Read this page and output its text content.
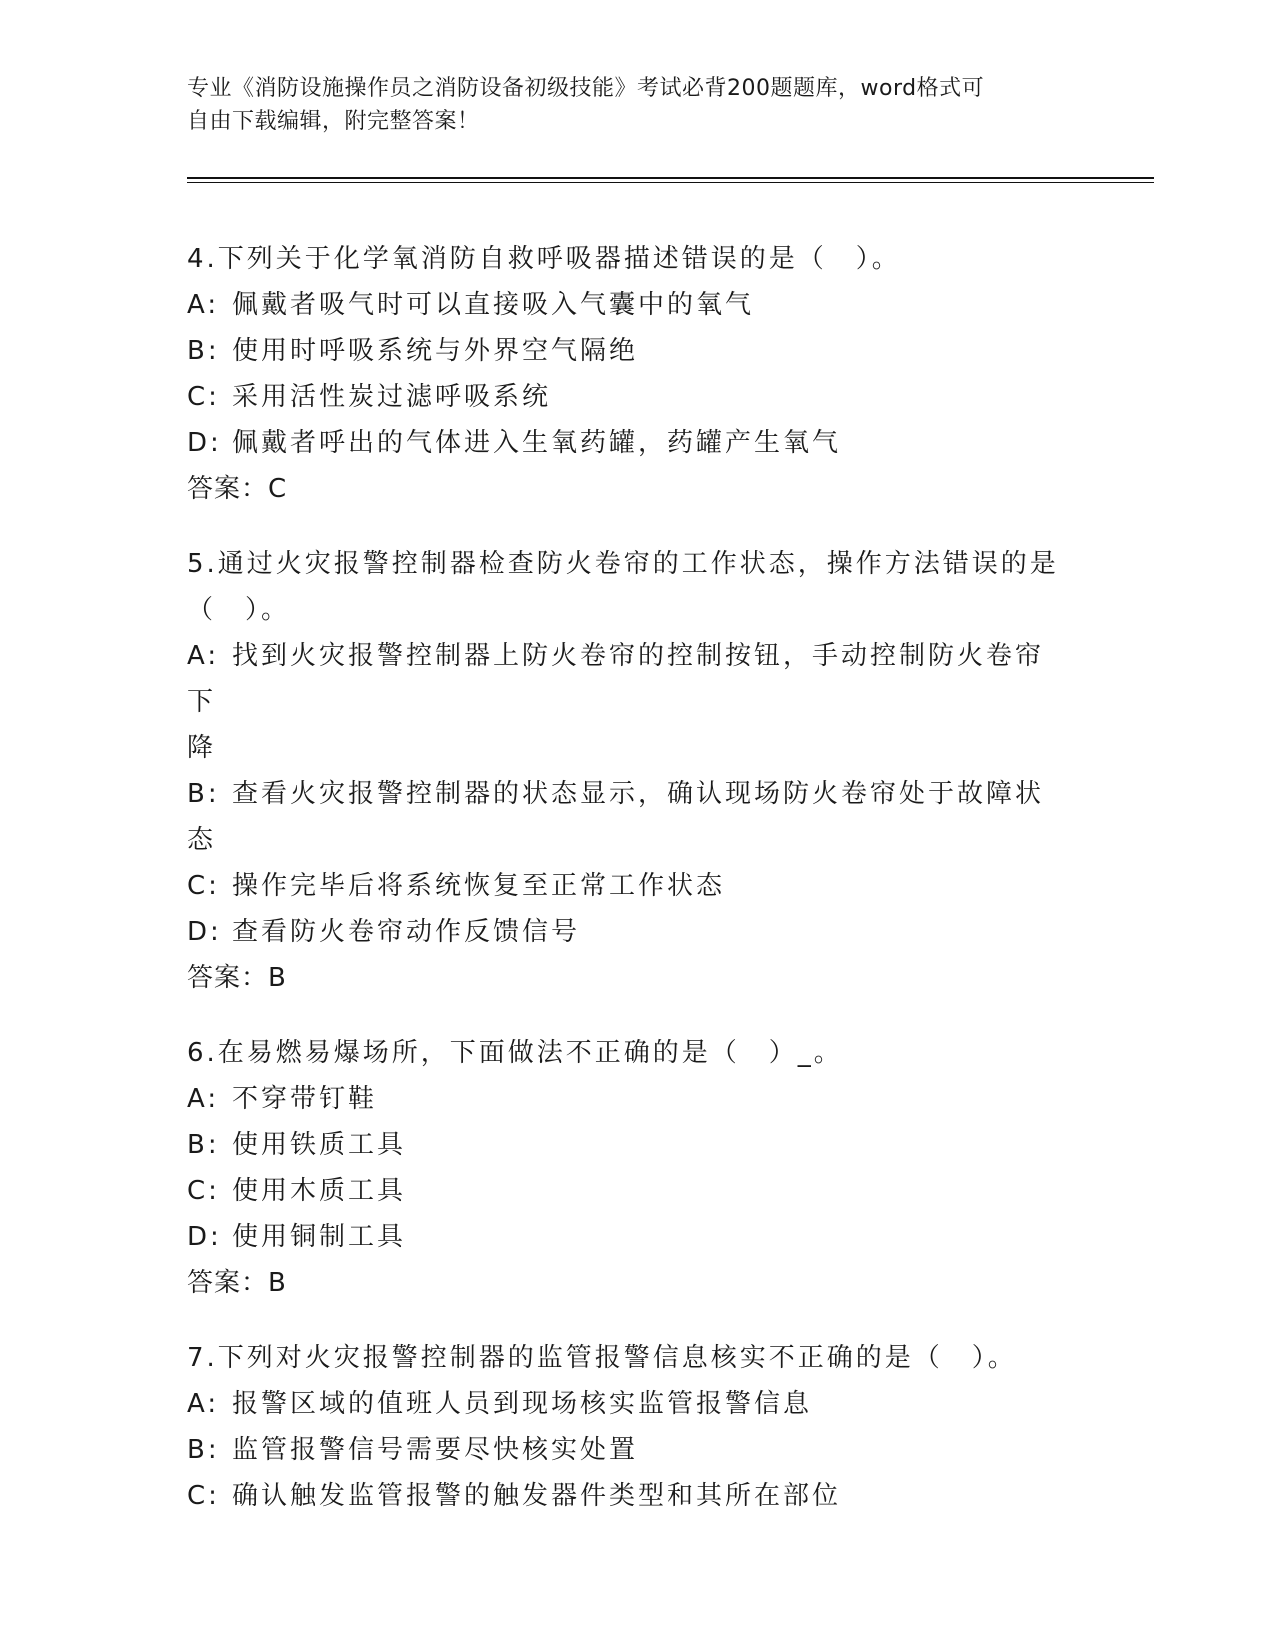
专业《消防设施操作员之消防设备初级技能》考试必背200题题库，word格式可
自由下载编辑，附完整答案！
4.下列关于化学氧消防自救呼吸器描述错误的是（　）。
A: 佩戴者吸气时可以直接吸入气囊中的氧气
B: 使用时呼吸系统与外界空气隔绝
C: 采用活性炭过滤呼吸系统
D: 佩戴者呼出的气体进入生氧药罐，药罐产生氧气
答案：C
5.通过火灾报警控制器检查防火卷帘的工作状态，操作方法错误的是
（　）。
A: 找到火灾报警控制器上防火卷帘的控制按钮，手动控制防火卷帘下
降
B: 查看火灾报警控制器的状态显示，确认现场防火卷帘处于故障状态
C: 操作完毕后将系统恢复至正常工作状态
D: 查看防火卷帘动作反馈信号
答案：B
6.在易燃易爆场所，下面做法不正确的是（　）_。
A: 不穿带钉鞋
B: 使用铁质工具
C: 使用木质工具
D: 使用铜制工具
答案：B
7.下列对火灾报警控制器的监管报警信息核实不正确的是（　）。
A: 报警区域的值班人员到现场核实监管报警信息
B: 监管报警信号需要尽快核实处置
C: 确认触发监管报警的触发器件类型和其所在部位
